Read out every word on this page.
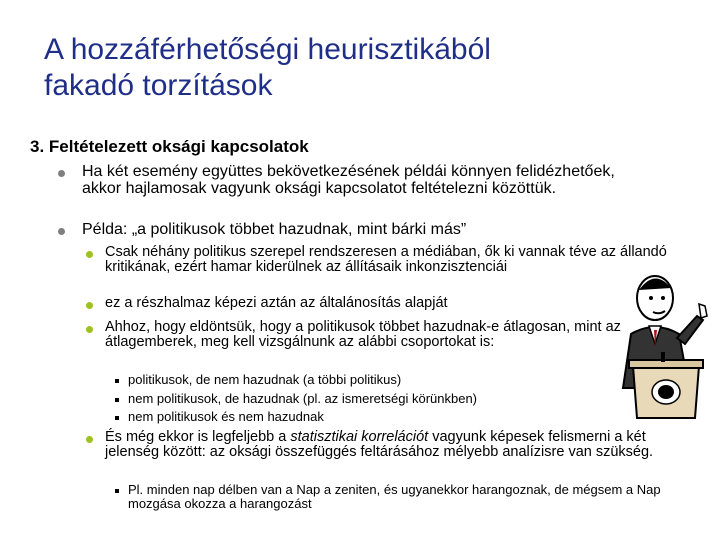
A hozzáférhetőségi heurisztikából
fakadó torzítások
3. Feltételezett oksági kapcsolatok
Ha két esemény együttes bekövetkezésének példái könnyen felidézhetőek, akkor hajlamosak vagyunk oksági kapcsolatot feltételezni közöttük.
Példa: „a politikusok többet hazudnak, mint bárki más”
Csak néhány politikus szerepel rendszeresen a médiában, ők ki vannak téve az állandó kritikának, ezért hamar kiderülnek az állításaik inkonzisztenciái
ez a részhalmaz képezi aztán az általánosítás alapját
Ahhoz, hogy eldöntsük, hogy a politikusok többet hazudnak-e átlagosan, mint az átlagemberek, meg kell vizsgálnunk az alábbi csoportokat is:
politikusok, de nem hazudnak (a többi politikus)
nem politikusok, de hazudnak (pl. az ismeretségi körünkben)
nem politikusok és nem hazudnak
És még ekkor is legfeljebb a statisztikai korrelációt vagyunk képesek felismerni a két jelenség között: az oksági összefüggés feltárásához mélyebb analízisre van szükség.
Pl. minden nap délben van a Nap a zeniten, és ugyanekkor harangoznak, de mégsem a Nap mozgása okozza a harangozást
